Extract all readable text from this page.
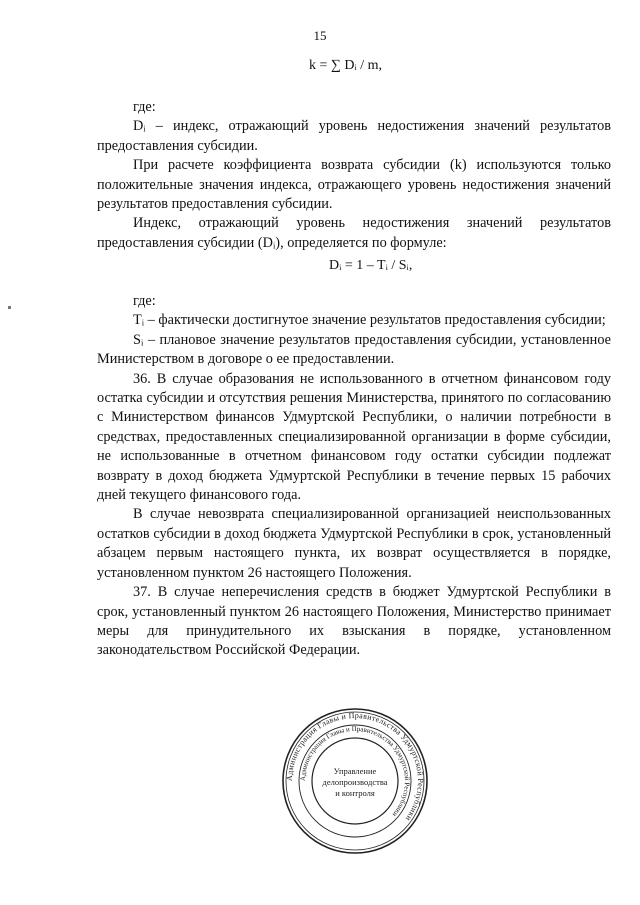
15
k = ∑ Dᵢ / m,

где:

Dᵢ – индекс, отражающий уровень недостижения значений результатов предоставления субсидии.

При расчете коэффициента возврата субсидии (k) используются только положительные значения индекса, отражающего уровень недостижения значений результатов предоставления субсидии.

Индекс, отражающий уровень недостижения значений результатов предоставления субсидии (Dᵢ), определяется по формуле:

Dᵢ = 1 – Tᵢ / Sᵢ,

где:

Tᵢ – фактически достигнутое значение результатов предоставления субсидии;

Sᵢ – плановое значение результатов предоставления субсидии, установленное Министерством в договоре о ее предоставлении.

36. В случае образования не использованного в отчетном финансовом году остатка субсидии и отсутствия решения Министерства, принятого по согласованию с Министерством финансов Удмуртской Республики, о наличии потребности в средствах, предоставленных специализированной организации в форме субсидии, не использованные в отчетном финансовом году остатки субсидии подлежат возврату в доход бюджета Удмуртской Республики в течение первых 15 рабочих дней текущего финансового года.

В случае невозврата специализированной организацией неиспользованных остатков субсидии в доход бюджета Удмуртской Республики в срок, установленный абзацем первым настоящего пункта, их возврат осуществляется в порядке, установленном пунктом 26 настоящего Положения.

37. В случае неперечисления средств в бюджет Удмуртской Республики в срок, установленный пунктом 26 настоящего Положения, Министерство принимает меры для принудительного их взыскания в порядке, установленном законодательством Российской Федерации.

Администрация Главы и Правительства Удмуртской Республики
Администрация Главы и Правительства Удмуртской Республики
Управление
делопроизводства
и контроля
